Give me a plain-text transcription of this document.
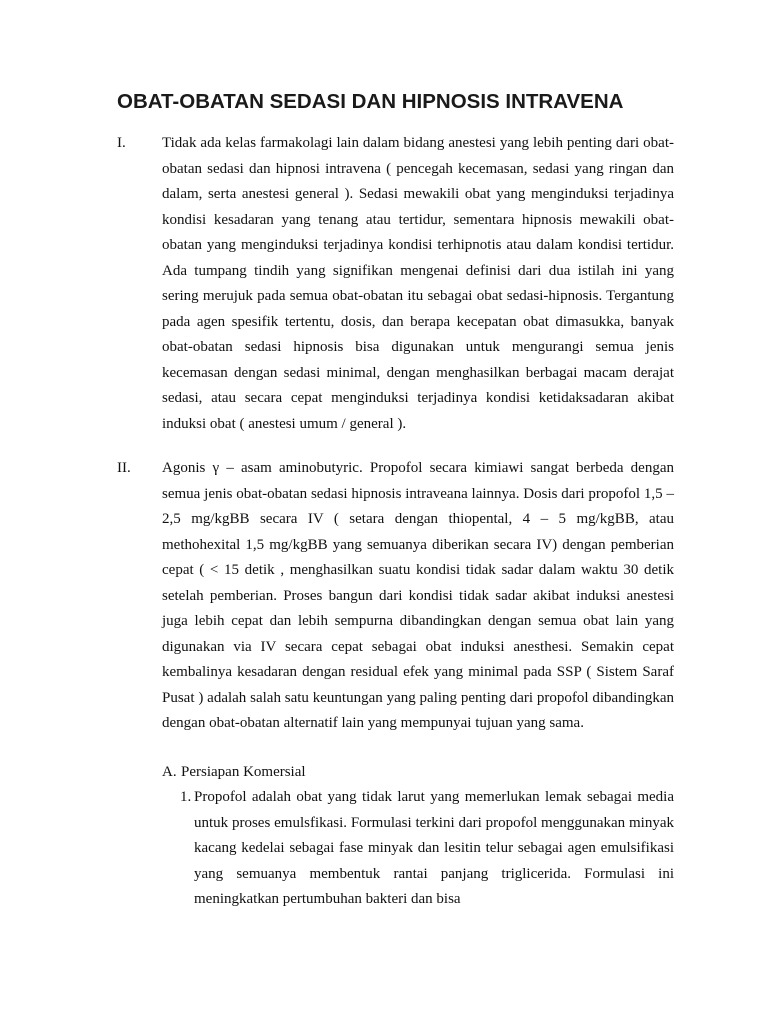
OBAT-OBATAN SEDASI DAN HIPNOSIS INTRAVENA
I. Tidak ada kelas farmakolagi lain dalam bidang anestesi yang lebih penting dari obat-obatan sedasi dan hipnosi intravena ( pencegah kecemasan, sedasi yang ringan dan dalam, serta anestesi general ). Sedasi mewakili obat yang menginduksi terjadinya kondisi kesadaran yang tenang atau tertidur, sementara hipnosis mewakili obat-obatan yang menginduksi terjadinya kondisi terhipnotis atau dalam kondisi tertidur. Ada tumpang tindih yang signifikan mengenai definisi dari dua istilah ini yang sering merujuk pada semua obat-obatan itu sebagai obat sedasi-hipnosis. Tergantung pada agen spesifik tertentu, dosis, dan berapa kecepatan obat dimasukka, banyak obat-obatan sedasi hipnosis bisa digunakan untuk mengurangi semua jenis kecemasan dengan sedasi minimal, dengan menghasilkan berbagai macam derajat sedasi, atau secara cepat menginduksi terjadinya kondisi ketidaksadaran akibat induksi obat ( anestesi umum / general ).

II. Agonis γ – asam aminobutyric. Propofol secara kimiawi sangat berbeda dengan semua jenis obat-obatan sedasi hipnosis intraveana lainnya. Dosis dari propofol 1,5 – 2,5 mg/kgBB secara IV ( setara dengan thiopental, 4 – 5 mg/kgBB, atau methohexital 1,5 mg/kgBB yang semuanya diberikan secara IV) dengan pemberian cepat ( < 15 detik , menghasilkan suatu kondisi tidak sadar dalam waktu 30 detik setelah pemberian. Proses bangun dari kondisi tidak sadar akibat induksi anestesi juga lebih cepat dan lebih sempurna dibandingkan dengan semua obat lain yang digunakan via IV secara cepat sebagai obat induksi anesthesi. Semakin cepat kembalinya kesadaran dengan residual efek yang minimal pada SSP ( Sistem Saraf Pusat ) adalah salah satu keuntungan yang paling penting dari propofol dibandingkan dengan obat-obatan alternatif lain yang mempunyai tujuan yang sama.

A. Persiapan Komersial
1. Propofol adalah obat yang tidak larut yang memerlukan lemak sebagai media untuk proses emulsfikasi. Formulasi terkini dari propofol menggunakan minyak kacang kedelai sebagai fase minyak dan lesitin telur sebagai agen emulsifikasi yang semuanya membentuk rantai panjang triglicerida. Formulasi ini meningkatkan pertumbuhan bakteri dan bisa
